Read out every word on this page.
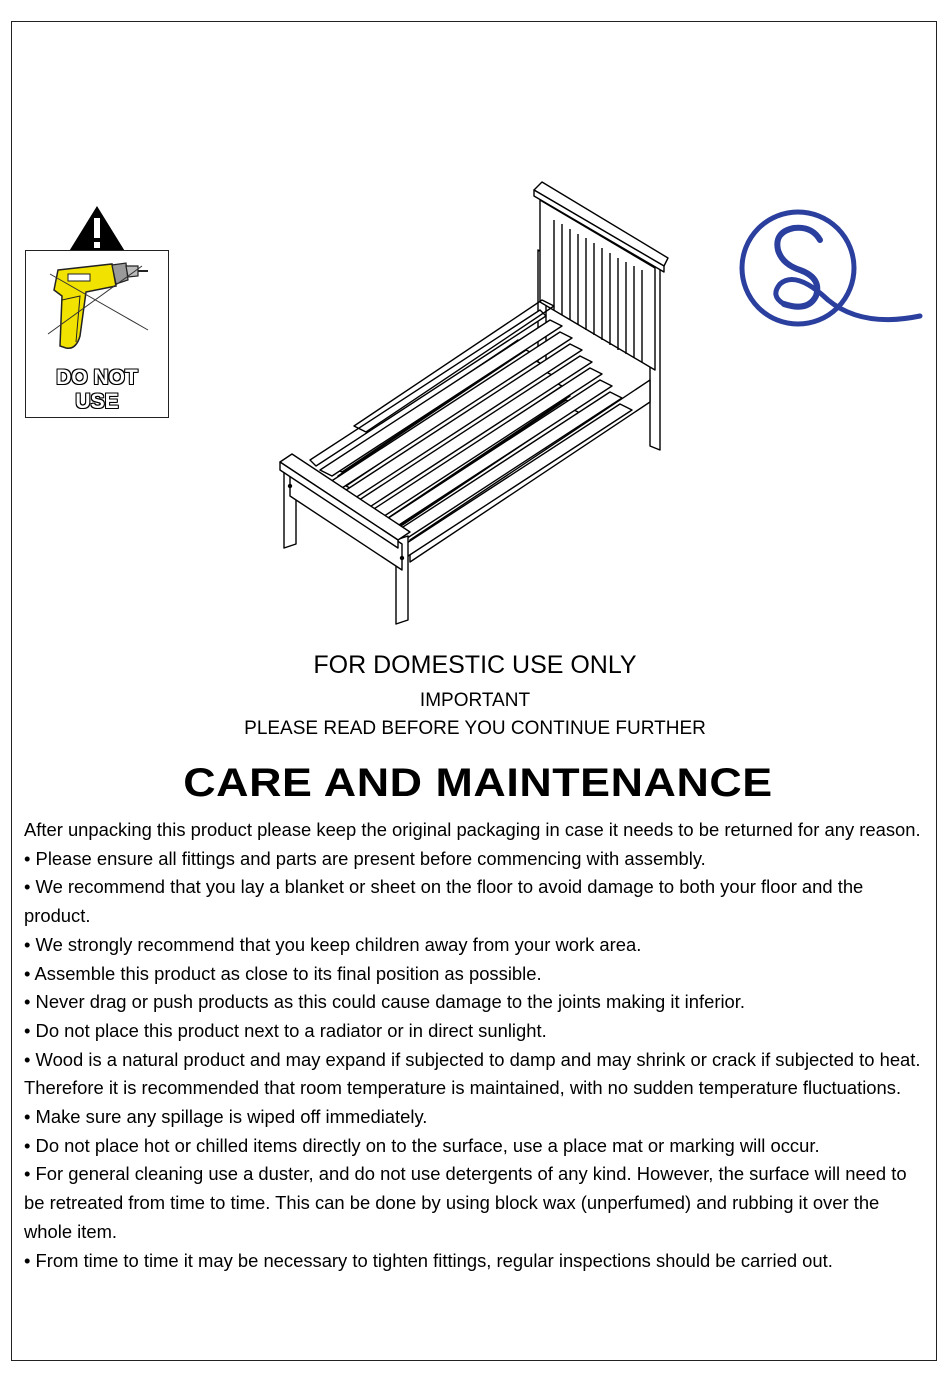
DO NOT
USE
FOR DOMESTIC USE ONLY
IMPORTANT
PLEASE READ BEFORE YOU CONTINUE FURTHER
CARE AND MAINTENANCE

After unpacking this product please keep the original packaging in case it needs to be returned for any reason.

• Please ensure all fittings and parts are present before commencing with assembly.

• We recommend that you lay a blanket or sheet on the floor to avoid damage to both your floor and the product.

• We strongly recommend that you keep children away from your work area.

• Assemble this product as close to its final position as possible.

• Never drag or push products as this could cause damage to the joints making it inferior.

• Do not place this product next to a radiator or in direct sunlight.

• Wood is a natural product and may expand if subjected to damp and may shrink or crack if subjected to heat. Therefore it is recommended that room temperature is maintained, with no sudden temperature fluctuations.

• Make sure any spillage is wiped off immediately.

• Do not place hot or chilled items directly on to the surface, use a place mat or marking will occur.

• For general cleaning use a duster, and do not use detergents of any kind. However, the surface will need to be retreated from time to time. This can be done by using block wax (unperfumed) and rubbing it over the whole item.

• From time to time it may be necessary to tighten fittings, regular inspections should be carried out.
